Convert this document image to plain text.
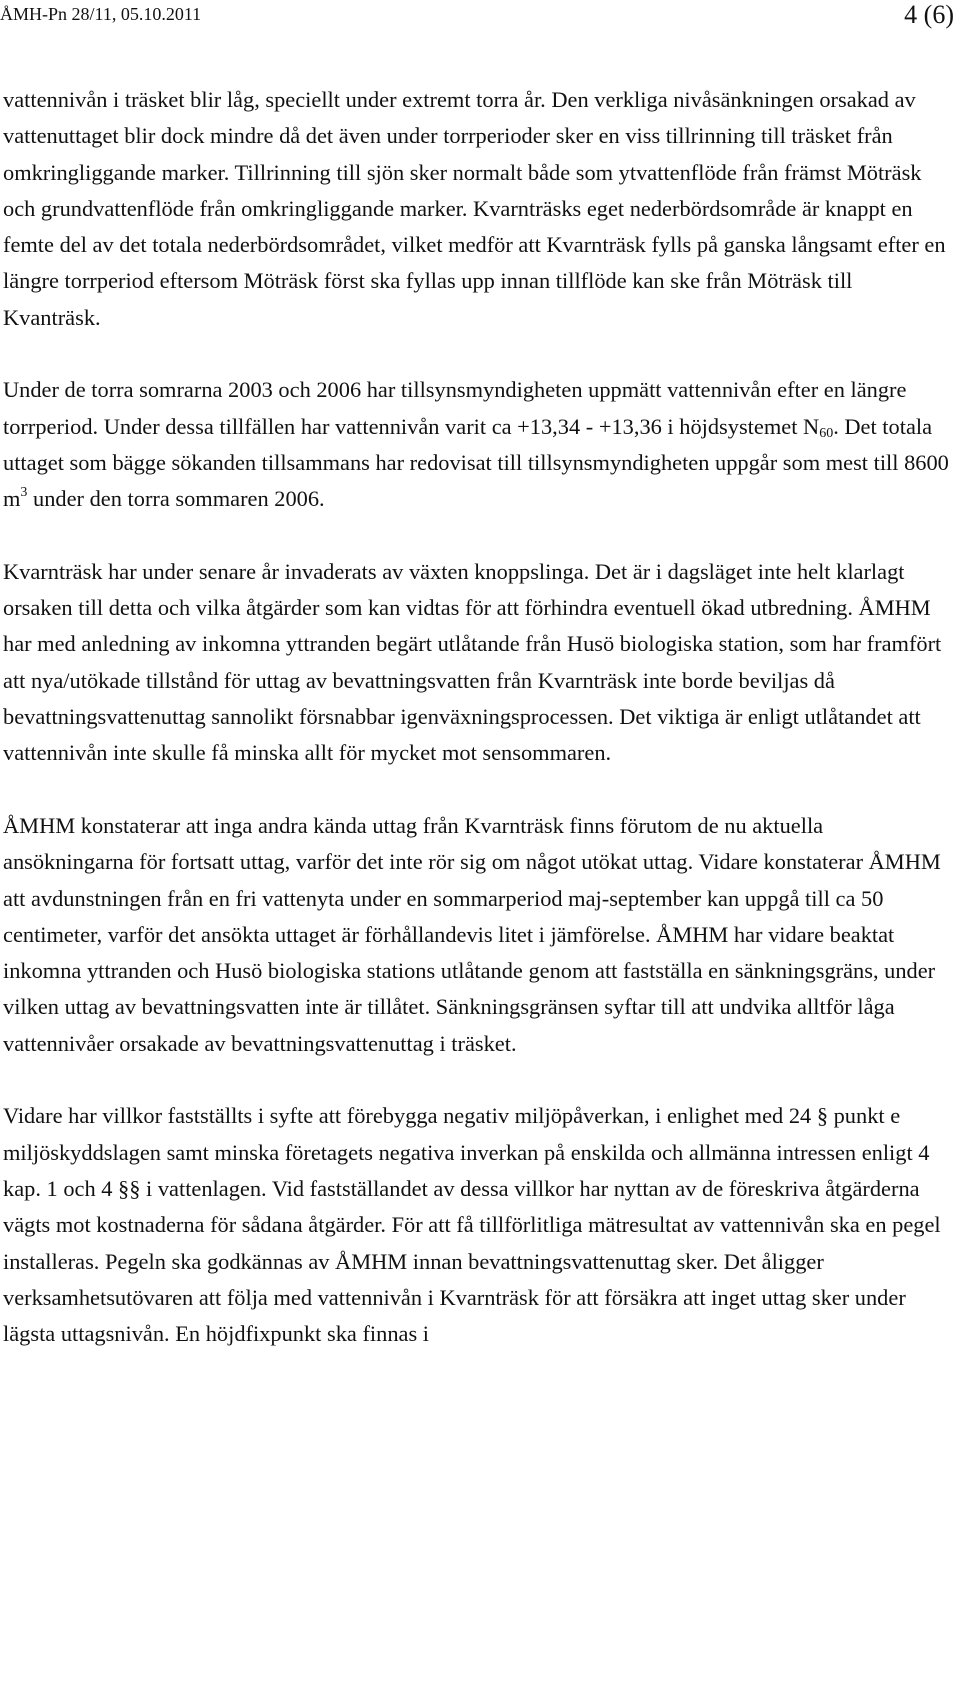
ÅMH-Pn 28/11, 05.10.2011	4 (6)

vattennivån i träsket blir låg, speciellt under extremt torra år. Den verkliga nivåsänkningen orsakad av vattenuttaget blir dock mindre då det även under torrperioder sker en viss tillrinning till träsket från omkringliggande marker. Tillrinning till sjön sker normalt både som ytvattenflöde från främst Möträsk och grundvattenflöde från omkringliggande marker. Kvarnträsks eget nederbördsområde är knappt en femte del av det totala nederbördsområdet, vilket medför att Kvarnträsk fylls på ganska långsamt efter en längre torrperiod eftersom Möträsk först ska fyllas upp innan tillflöde kan ske från Möträsk till Kvanträsk.

Under de torra somrarna 2003 och 2006 har tillsynsmyndigheten uppmätt vattennivån efter en längre torrperiod. Under dessa tillfällen har vattennivån varit ca +13,34 - +13,36 i höjdsystemet $N_{60}$. Det totala uttaget som bägge sökanden tillsammans har redovisat till tillsynsmyndigheten uppgår som mest till 8600 $m^3$ under den torra sommaren 2006.

Kvarnträsk har under senare år invaderats av växten knoppslinga. Det är i dagsläget inte helt klarlagt orsaken till detta och vilka åtgärder som kan vidtas för att förhindra eventuell ökad utbredning. ÅMHM har med anledning av inkomna yttranden begärt utlåtande från Husö biologiska station, som har framfört att nya/utökade tillstånd för uttag av bevattningsvatten från Kvarnträsk inte borde beviljas då bevattningsvattenuttag sannolikt försnabbar igenväxningsprocessen. Det viktiga är enligt utlåtandet att vattennivån inte skulle få minska allt för mycket mot sensommaren.

ÅMHM konstaterar att inga andra kända uttag från Kvarnträsk finns förutom de nu aktuella ansökningarna för fortsatt uttag, varför det inte rör sig om något utökat uttag. Vidare konstaterar ÅMHM att avdunstningen från en fri vattenyta under en sommarperiod maj-september kan uppgå till ca 50 centimeter, varför det ansökta uttaget är förhållandevis litet i jämförelse. ÅMHM har vidare beaktat inkomna yttranden och Husö biologiska stations utlåtande genom att fastställa en sänkningsgräns, under vilken uttag av bevattningsvatten inte är tillåtet. Sänkningsgränsen syftar till att undvika alltför låga vattennivåer orsakade av bevattningsvattenuttag i träsket.

Vidare har villkor fastställts i syfte att förebygga negativ miljöpåverkan, i enlighet med 24 § punkt e miljöskyddslagen samt minska företagets negativa inverkan på enskilda och allmänna intressen enligt 4 kap. 1 och 4 §§ i vattenlagen. Vid fastställandet av dessa villkor har nyttan av de föreskriva åtgärderna vägts mot kostnaderna för sådana åtgärder. För att få tillförlitliga mätresultat av vattennivån ska en pegel installeras. Pegeln ska godkännas av ÅMHM innan bevattningsvattenuttag sker. Det åligger verksamhetsutövaren att följa med vattennivån i Kvarnträsk för att försäkra att inget uttag sker under lägsta uttagsnivån. En höjdfixpunkt ska finnas i
